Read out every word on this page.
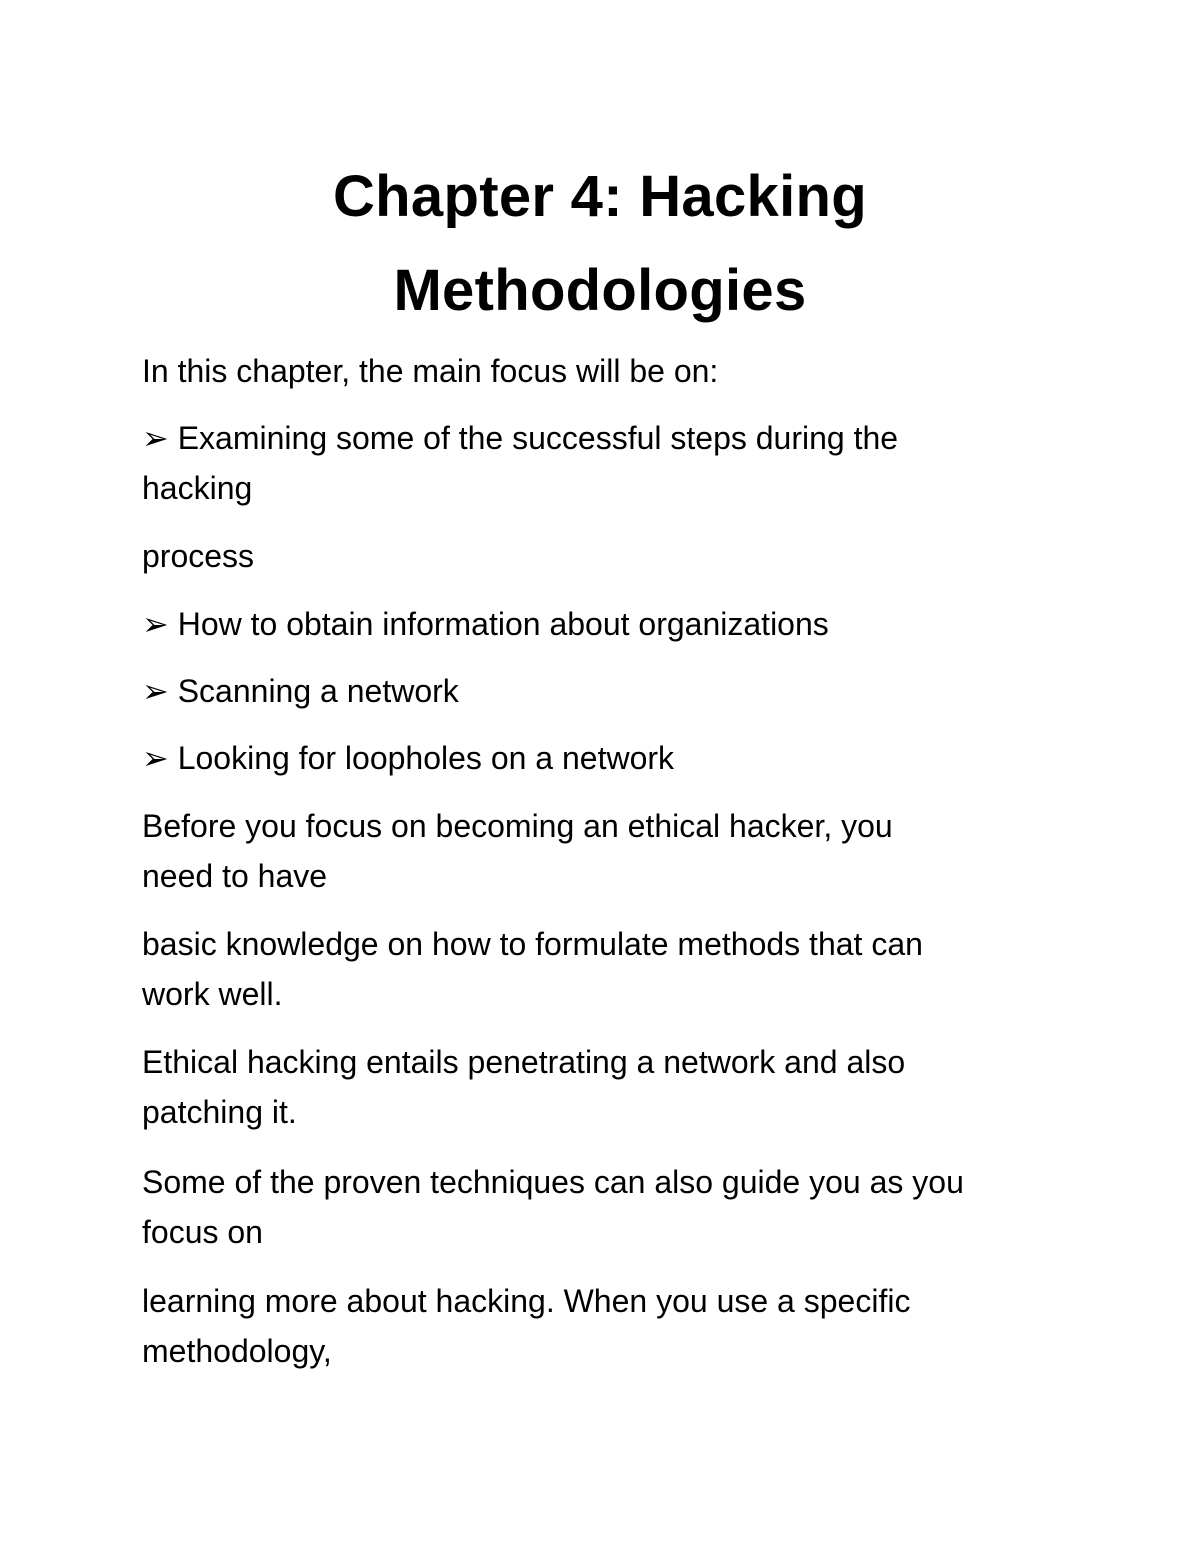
Chapter 4: Hacking
Methodologies
In this chapter, the main focus will be on:
➢ Examining some of the successful steps during the
hacking
process
➢ How to obtain information about organizations
➢ Scanning a network
➢ Looking for loopholes on a network
Before you focus on becoming an ethical hacker, you
need to have
basic knowledge on how to formulate methods that can
work well.
Ethical hacking entails penetrating a network and also
patching it.
Some of the proven techniques can also guide you as you
focus on
learning more about hacking. When you use a specific
methodology,
